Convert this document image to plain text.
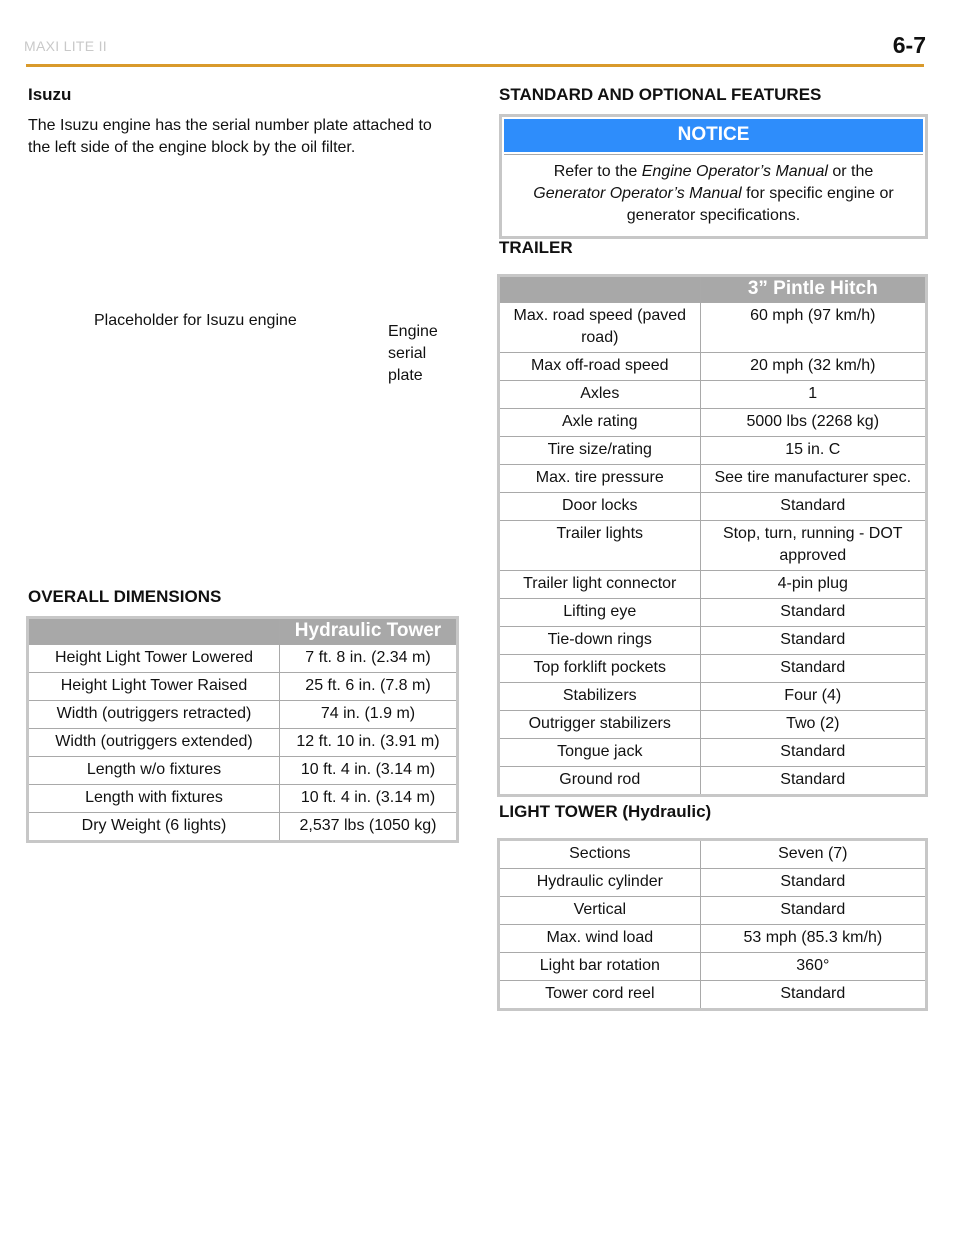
MAXI LITE II	6-7
Isuzu

The Isuzu engine has the serial number plate attached to the left side of the engine block by the oil filter.

Placeholder for Isuzu engine
Engine
serial
plate
OVERALL DIMENSIONS
	Hydraulic Tower
Height Light Tower Lowered	7 ft. 8 in. (2.34 m)
Height Light Tower Raised	25 ft. 6 in. (7.8 m)
Width (outriggers retracted)	74 in. (1.9 m)
Width (outriggers extended)	12 ft. 10 in. (3.91 m)
Length w/o fixtures	10 ft. 4 in. (3.14 m)
Length with fixtures	10 ft. 4 in. (3.14 m)
Dry Weight (6 lights)	2,537 lbs (1050 kg)
STANDARD AND OPTIONAL FEATURES
NOTICE
Refer to the Engine Operator’s Manual or the Generator Operator’s Manual for specific engine or generator specifications.
TRAILER
	3” Pintle Hitch
Max. road speed (paved road)	60 mph (97 km/h)
Max off-road speed	20 mph (32 km/h)
Axles	1
Axle rating	5000 lbs (2268 kg)
Tire size/rating	15 in. C
Max. tire pressure	See tire manufacturer spec.
Door locks	Standard
Trailer lights	Stop, turn, running - DOT approved
Trailer light connector	4-pin plug
Lifting eye	Standard
Tie-down rings	Standard
Top forklift pockets	Standard
Stabilizers	Four (4)
Outrigger stabilizers	Two (2)
Tongue jack	Standard
Ground rod	Standard
LIGHT TOWER (Hydraulic)
Sections	Seven (7)
Hydraulic cylinder	Standard
Vertical	Standard
Max. wind load	53 mph (85.3 km/h)
Light bar rotation	360°
Tower cord reel	Standard
